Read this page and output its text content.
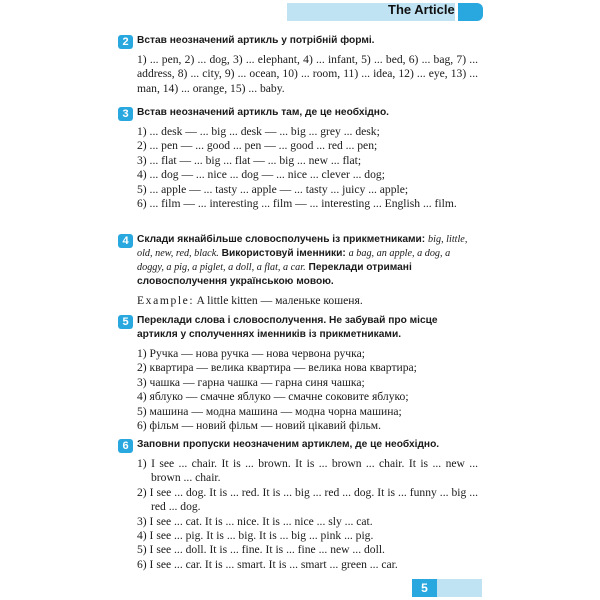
The Article
2 Встав неозначений артикль у потрібній формі.

1) ... pen, 2) ... dog, 3) ... elephant, 4) ... infant, 5) ... bed, 6) ... bag, 7) ... address, 8) ... city, 9) ... ocean, 10) ... room, 11) ... idea, 12) ... eye, 13) ... man, 14) ... orange, 15) ... baby.

3 Встав неозначений артикль там, де це необхідно.

1) ... desk — ... big ... desk — ... big ... grey ... desk;

2) ... pen — ... good ... pen — ... good ... red ... pen;

3) ... flat — ... big ... flat — ... big ... new ... flat;

4) ... dog — ... nice ... dog — ... nice ... clever ... dog;

5) ... apple — ... tasty ... apple — ... tasty ... juicy ... apple;

6) ... film — ... interesting ... film — ... interesting ... English ... film.

4 Склади якнайбільше словосполучень із прикметниками: big, little, old, new, red, black. Використовуй іменники: a bag, an apple, a dog, a doggy, a pig, a piglet, a doll, a flat, a car. Переклади отримані словосполучення українською мовою.
Example: A little kitten — маленьке кошеня.
5 Переклади слова і словосполучення. Не забувай про місце артикля у сполученнях іменників із прикметниками.

1) Ручка — нова ручка — нова червона ручка;

2) квартира — велика квартира — велика нова квартира;

3) чашка — гарна чашка — гарна синя чашка;

4) яблуко — смачне яблуко — смачне соковите яблуко;

5) машина — модна машина — модна чорна машина;

6) фільм — новий фільм — новий цікавий фільм.

6 Заповни пропуски неозначеним артиклем, де це необхідно.

1) I see ... chair. It is ... brown. It is ... brown ... chair. It is ... new ... brown ... chair.

2) I see ... dog. It is ... red. It is ... big ... red ... dog. It is ... funny ... big ... red ... dog.

3) I see ... cat. It is ... nice. It is ... nice ... sly ... cat.

4) I see ... pig. It is ... big. It is ... big ... pink ... pig.

5) I see ... doll. It is ... fine. It is ... fine ... new ... doll.

6) I see ... car. It is ... smart. It is ... smart ... green ... car.

5
